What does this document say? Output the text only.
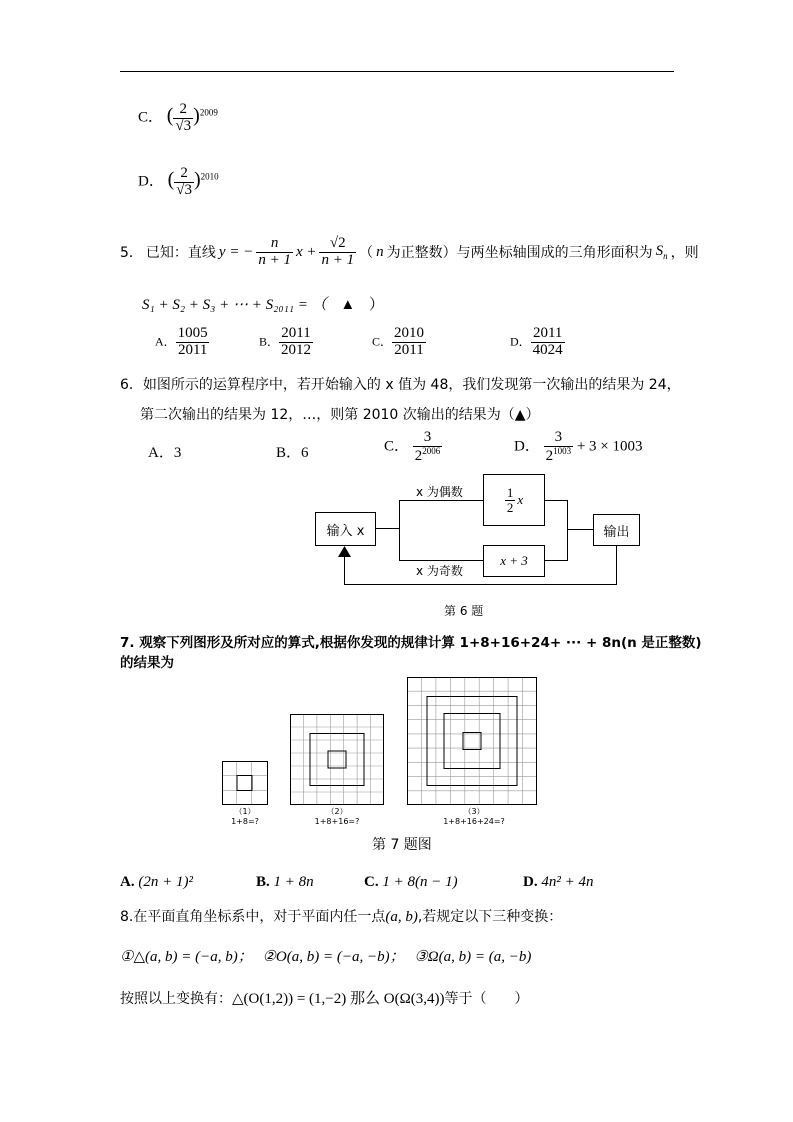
C． ( $\frac{2}{√3} )^{2009}$
D． ( $\frac{2}{√3} )^{2010}$
5． 已知：直线 y = − $\frac{n}{n + 1}$ $x + \frac{√2}{n + 1}$ （ n 为正整数）与两坐标轴围成的三角形面积为 $S_n$ ，则
S₁ + S₂ + S₃ + ⋯ + S₂₀₁₁ = （ ▲ ）
A． $\frac{1005}{2011}$	B． $\frac{2011}{2012}$	C． $\frac{2010}{2011}$	D． $\frac{2011}{4024}$
6．如图所示的运算程序中，若开始输入的 x 值为 48，我们发现第一次输出的结果为 24，
第二次输出的结果为 12，…，则第 2010 次输出的结果为（▲）
A．3	B．6	C． $\frac{3}{2^{2006}}$	D． $\frac{3}{2^{1003}} + 3 \times 1003$
输入 x
$\frac{1}{2}$ x
x + 3
输出
x 为偶数
x 为奇数
第 6 题
7. 观察下列图形及所对应的算式,根据你发现的规律计算 1+8+16+24+ ··· + 8n(n 是正整数)
的结果为
（1）
1+8=?
（2）
1+8+16=?
（3）
1+8+16+24=?
第 7 题图
A. (2n + 1)²	B. 1 + 8n	C. 1 + 8(n − 1)	D. 4n² + 4n
8.在平面直角坐标系中，对于平面内任一点(a, b),若规定以下三种变换：
①△(a, b) = (−a, b)； ②O(a, b) = (−a, −b)； ③Ω(a, b) = (a, −b)
按照以上变换有：△(O(1,2)) = (1,−2) 那么 O(Ω(3,4))等于（　　）
